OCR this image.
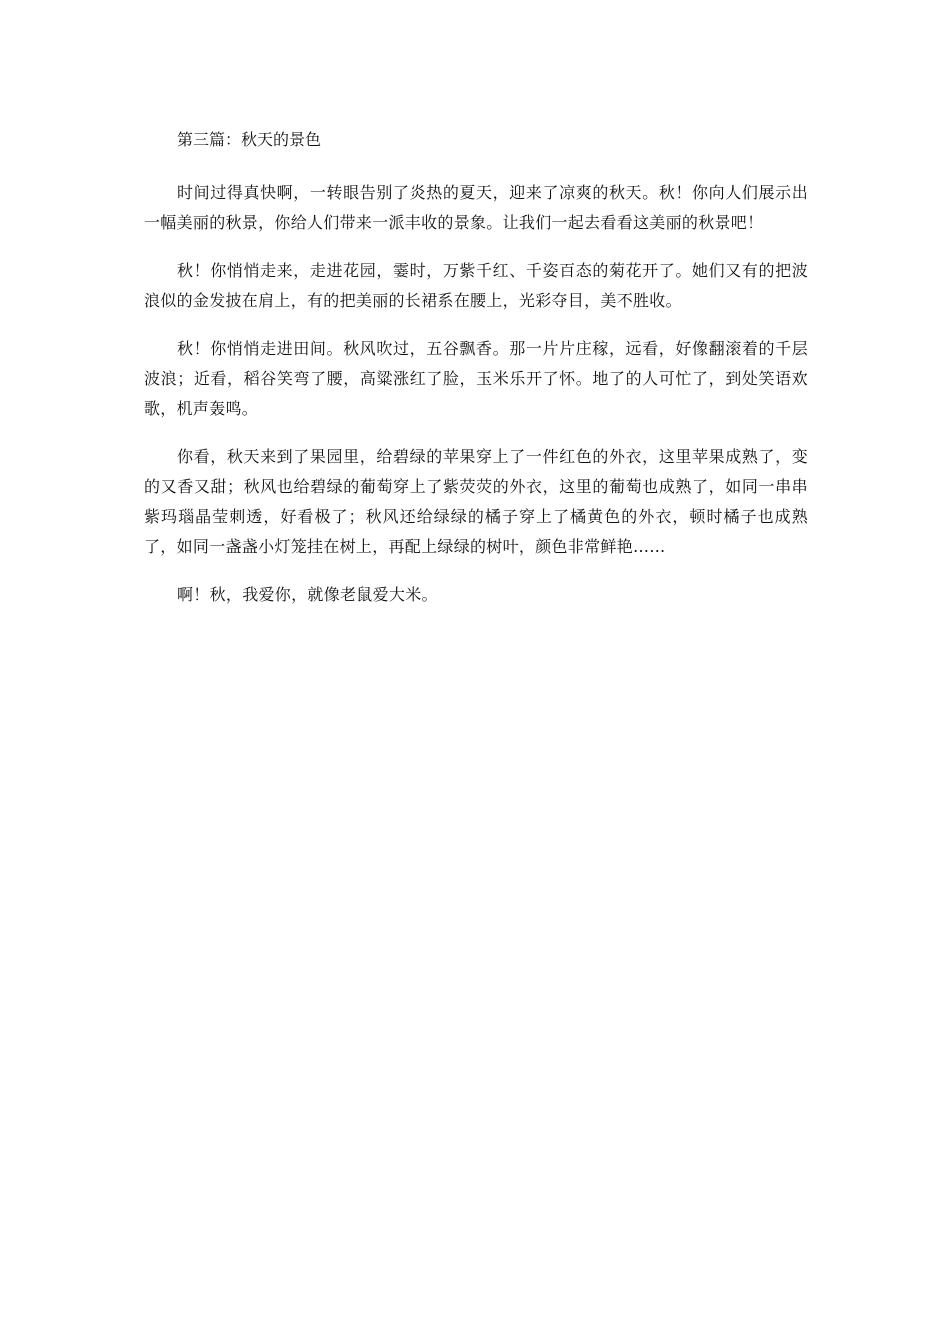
第三篇：秋天的景色

时间过得真快啊，一转眼告别了炎热的夏天，迎来了凉爽的秋天。秋！你向人们展示出一幅美丽的秋景，你给人们带来一派丰收的景象。让我们一起去看看这美丽的秋景吧！

秋！你悄悄走来，走进花园，霎时，万紫千红、千姿百态的菊花开了。她们又有的把波浪似的金发披在肩上，有的把美丽的长裙系在腰上，光彩夺目，美不胜收。

秋！你悄悄走进田间。秋风吹过，五谷飘香。那一片片庄稼，远看，好像翻滚着的千层波浪；近看，稻谷笑弯了腰，高粱涨红了脸，玉米乐开了怀。地了的人可忙了，到处笑语欢歌，机声轰鸣。

你看，秋天来到了果园里，给碧绿的苹果穿上了一件红色的外衣，这里苹果成熟了，变的又香又甜；秋风也给碧绿的葡萄穿上了紫荧荧的外衣，这里的葡萄也成熟了，如同一串串紫玛瑙晶莹刺透，好看极了；秋风还给绿绿的橘子穿上了橘黄色的外衣，顿时橘子也成熟了，如同一盏盏小灯笼挂在树上，再配上绿绿的树叶，颜色非常鲜艳……

啊！秋，我爱你，就像老鼠爱大米。
